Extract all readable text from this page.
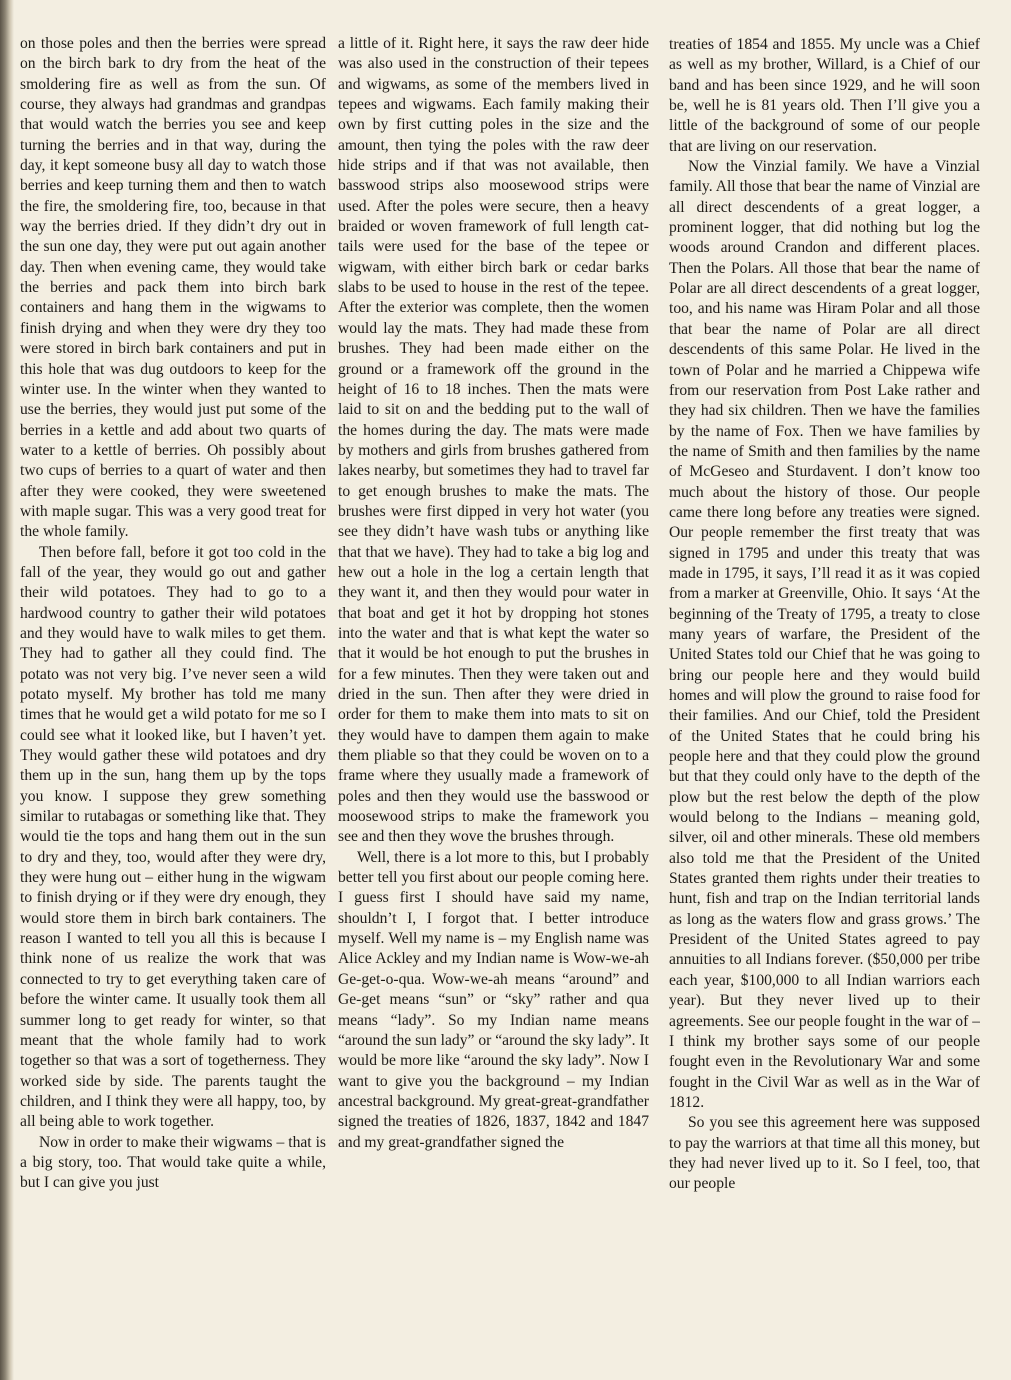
on those poles and then the berries were spread on the birch bark to dry from the heat of the smoldering fire as well as from the sun. Of course, they always had grandmas and grandpas that would watch the berries you see and keep turning the berries and in that way, during the day, it kept someone busy all day to watch those berries and keep turning them and then to watch the fire, the smoldering fire, too, because in that way the berries dried. If they didn’t dry out in the sun one day, they were put out again another day. Then when evening came, they would take the berries and pack them into birch bark containers and hang them in the wigwams to finish drying and when they were dry they too were stored in birch bark containers and put in this hole that was dug outdoors to keep for the winter use. In the winter when they wanted to use the berries, they would just put some of the berries in a kettle and add about two quarts of water to a kettle of berries. Oh possibly about two cups of berries to a quart of water and then after they were cooked, they were sweetened with maple sugar. This was a very good treat for the whole family.

Then before fall, before it got too cold in the fall of the year, they would go out and gather their wild potatoes. They had to go to a hardwood country to gather their wild potatoes and they would have to walk miles to get them. They had to gather all they could find. The potato was not very big. I’ve never seen a wild potato myself. My brother has told me many times that he would get a wild potato for me so I could see what it looked like, but I haven’t yet. They would gather these wild potatoes and dry them up in the sun, hang them up by the tops you know. I suppose they grew something similar to rutabagas or something like that. They would tie the tops and hang them out in the sun to dry and they, too, would after they were dry, they were hung out – either hung in the wigwam to finish drying or if they were dry enough, they would store them in birch bark containers. The reason I wanted to tell you all this is because I think none of us realize the work that was connected to try to get everything taken care of before the winter came. It usually took them all summer long to get ready for winter, so that meant that the whole family had to work together so that was a sort of togetherness. They worked side by side. The parents taught the children, and I think they were all happy, too, by all being able to work together.

Now in order to make their wigwams – that is a big story, too. That would take quite a while, but I can give you just

a little of it. Right here, it says the raw deer hide was also used in the construction of their tepees and wigwams, as some of the members lived in tepees and wigwams. Each family making their own by first cutting poles in the size and the amount, then tying the poles with the raw deer hide strips and if that was not available, then basswood strips also moosewood strips were used. After the poles were secure, then a heavy braided or woven framework of full length cattails were used for the base of the tepee or wigwam, with either birch bark or cedar barks slabs to be used to house in the rest of the tepee. After the exterior was complete, then the women would lay the mats. They had made these from brushes. They had been made either on the ground or a framework off the ground in the height of 16 to 18 inches. Then the mats were laid to sit on and the bedding put to the wall of the homes during the day. The mats were made by mothers and girls from brushes gathered from lakes nearby, but sometimes they had to travel far to get enough brushes to make the mats. The brushes were first dipped in very hot water (you see they didn’t have wash tubs or anything like that that we have). They had to take a big log and hew out a hole in the log a certain length that they want it, and then they would pour water in that boat and get it hot by dropping hot stones into the water and that is what kept the water so that it would be hot enough to put the brushes in for a few minutes. Then they were taken out and dried in the sun. Then after they were dried in order for them to make them into mats to sit on they would have to dampen them again to make them pliable so that they could be woven on to a frame where they usually made a framework of poles and then they would use the basswood or moosewood strips to make the framework you see and then they wove the brushes through.

Well, there is a lot more to this, but I probably better tell you first about our people coming here. I guess first I should have said my name, shouldn’t I, I forgot that. I better introduce myself. Well my name is – my English name was Alice Ackley and my Indian name is Wow-we-ah Ge-get-o-qua. Wow-we-ah means “around” and Ge-get means “sun” or “sky” rather and qua means “lady”. So my Indian name means “around the sun lady” or “around the sky lady”. It would be more like “around the sky lady”. Now I want to give you the background – my Indian ancestral background. My great-great-grandfather signed the treaties of 1826, 1837, 1842 and 1847 and my great-grandfather signed the

treaties of 1854 and 1855. My uncle was a Chief as well as my brother, Willard, is a Chief of our band and has been since 1929, and he will soon be, well he is 81 years old. Then I’ll give you a little of the background of some of our people that are living on our reservation.

Now the Vinzial family. We have a Vinzial family. All those that bear the name of Vinzial are all direct descendents of a great logger, a prominent logger, that did nothing but log the woods around Crandon and different places. Then the Polars. All those that bear the name of Polar are all direct descendents of a great logger, too, and his name was Hiram Polar and all those that bear the name of Polar are all direct descendents of this same Polar. He lived in the town of Polar and he married a Chippewa wife from our reservation from Post Lake rather and they had six children. Then we have the families by the name of Fox. Then we have families by the name of Smith and then families by the name of McGeseo and Sturdavent. I don’t know too much about the history of those. Our people came there long before any treaties were signed. Our people remember the first treaty that was signed in 1795 and under this treaty that was made in 1795, it says, I’ll read it as it was copied from a marker at Greenville, Ohio. It says ‘At the beginning of the Treaty of 1795, a treaty to close many years of warfare, the President of the United States told our Chief that he was going to bring our people here and they would build homes and will plow the ground to raise food for their families. And our Chief, told the President of the United States that he could bring his people here and that they could plow the ground but that they could only have to the depth of the plow but the rest below the depth of the plow would belong to the Indians – meaning gold, silver, oil and other minerals. These old members also told me that the President of the United States granted them rights under their treaties to hunt, fish and trap on the Indian territorial lands as long as the waters flow and grass grows.’ The President of the United States agreed to pay annuities to all Indians forever. ($50,000 per tribe each year, $100,000 to all Indian warriors each year). But they never lived up to their agreements. See our people fought in the war of – I think my brother says some of our people fought even in the Revolutionary War and some fought in the Civil War as well as in the War of 1812.

So you see this agreement here was supposed to pay the warriors at that time all this money, but they had never lived up to it. So I feel, too, that our people
